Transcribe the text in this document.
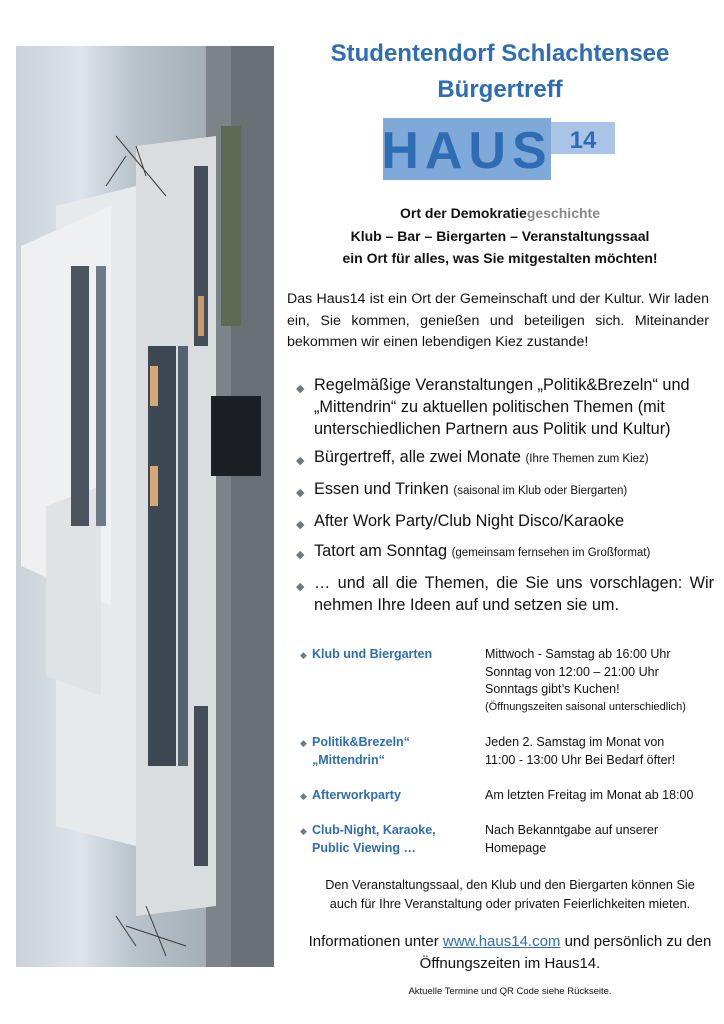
Studentendorf Schlachtensee
Bürgertreff
HAUS 14
Ort der Demokratiegeschichte
Klub – Bar – Biergarten – Veranstaltungssaal
ein Ort für alles, was Sie mitgestalten möchten!
Das Haus14 ist ein Ort der Gemeinschaft und der Kultur. Wir laden ein, Sie kommen, genießen und beteiligen sich. Miteinander bekommen wir einen lebendigen Kiez zustande!
◆ Regelmäßige Veranstaltungen „Politik&Brezeln“ und „Mittendrin“ zu aktuellen politischen Themen (mit unterschiedlichen Partnern aus Politik und Kultur)
◆ Bürgertreff, alle zwei Monate (Ihre Themen zum Kiez)
◆ Essen und Trinken (saisonal im Klub oder Biergarten)
◆ After Work Party/Club Night Disco/Karaoke
◆ Tatort am Sonntag (gemeinsam fernsehen im Großformat)
◆ … und all die Themen, die Sie uns vorschlagen: Wir nehmen Ihre Ideen auf und setzen sie um.
◆ Klub und Biergarten	Mittwoch - Samstag ab 16:00 Uhr
Sonntag von 12:00 – 21:00 Uhr
Sonntags gibt’s Kuchen!
(Öffnungszeiten saisonal unterschiedlich)
◆ Politik&Brezeln“
„Mittendrin“
Jeden 2. Samstag im Monat von
11:00 - 13:00 Uhr Bei Bedarf öfter!
◆ Afterworkparty	Am letzten Freitag im Monat ab 18:00
◆ Club-Night, Karaoke,
Public Viewing …
Nach Bekanntgabe auf unserer
Homepage
Den Veranstaltungssaal, den Klub und den Biergarten können Sie auch für Ihre Veranstaltung oder privaten Feierlichkeiten mieten.
Informationen unter www.haus14.com und persönlich zu den Öffnungszeiten im Haus14.
Aktuelle Termine und QR Code siehe Rückseite.
